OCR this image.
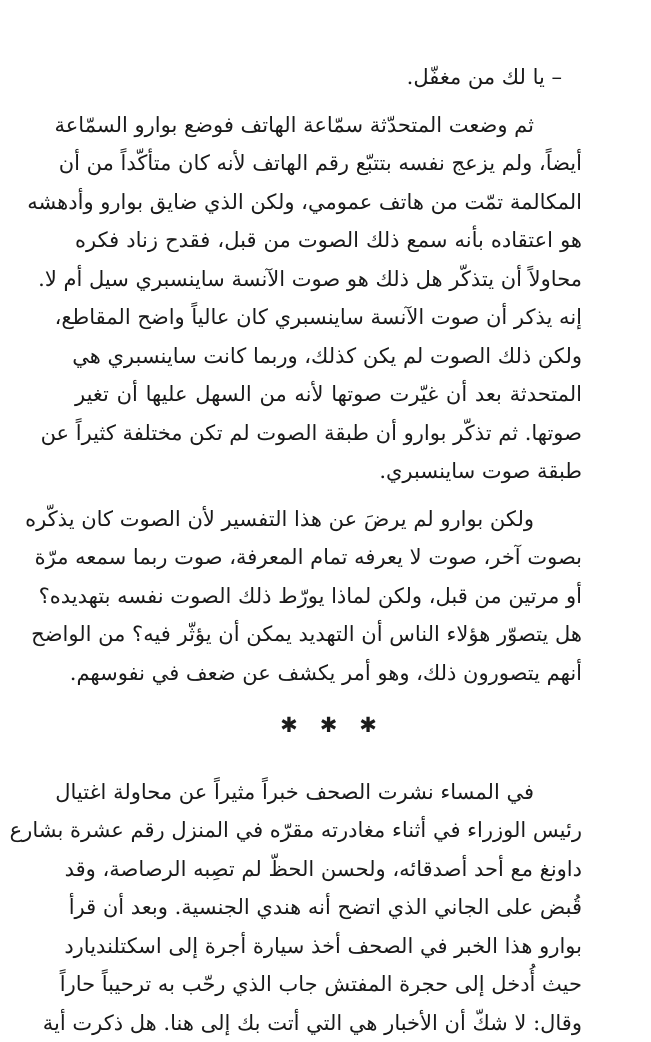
– يا لك من مغفّل.
ثم وضعت المتحدّثة سمّاعة الهاتف فوضع بوارو السمّاعة
أيضاً، ولم يزعج نفسه بتتبّع رقم الهاتف لأنه كان متأكّداً من أن
المكالمة تمّت من هاتف عمومي، ولكن الذي ضايق بوارو وأدهشه
هو اعتقاده بأنه سمع ذلك الصوت من قبل، فقدح زناد فكره
محاولاً أن يتذكّر هل ذلك هو صوت الآنسة ساينسبري سيل أم لا.
إنه يذكر أن صوت الآنسة ساينسبري كان عالياً واضح المقاطع،
ولكن ذلك الصوت لم يكن كذلك، وربما كانت ساينسبري هي
المتحدثة بعد أن غيّرت صوتها لأنه من السهل عليها أن تغير
صوتها. ثم تذكّر بوارو أن طبقة الصوت لم تكن مختلفة كثيراً عن
طبقة صوت ساينسبري.
ولكن بوارو لم يرضَ عن هذا التفسير لأن الصوت كان يذكّره
بصوت آخر، صوت لا يعرفه تمام المعرفة، صوت ربما سمعه مرّة
أو مرتين من قبل، ولكن لماذا يورّط ذلك الصوت نفسه بتهديده؟
هل يتصوّر هؤلاء الناس أن التهديد يمكن أن يؤثّر فيه؟ من الواضح
أنهم يتصورون ذلك، وهو أمر يكشف عن ضعف في نفوسهم.
✱✱✱
في المساء نشرت الصحف خبراً مثيراً عن محاولة اغتيال
رئيس الوزراء في أثناء مغادرته مقرّه في المنزل رقم عشرة بشارع
داونغ مع أحد أصدقائه، ولحسن الحظّ لم تصِبه الرصاصة، وقد
قُبض على الجاني الذي اتضح أنه هندي الجنسية. وبعد أن قرأ
بوارو هذا الخبر في الصحف أخذ سيارة أجرة إلى اسكتلنديارد
حيث أُدخل إلى حجرة المفتش جاب الذي رحّب به ترحيباً حاراً
وقال: لا شكّ أن الأخبار هي التي أتت بك إلى هنا. هل ذكرت أية
